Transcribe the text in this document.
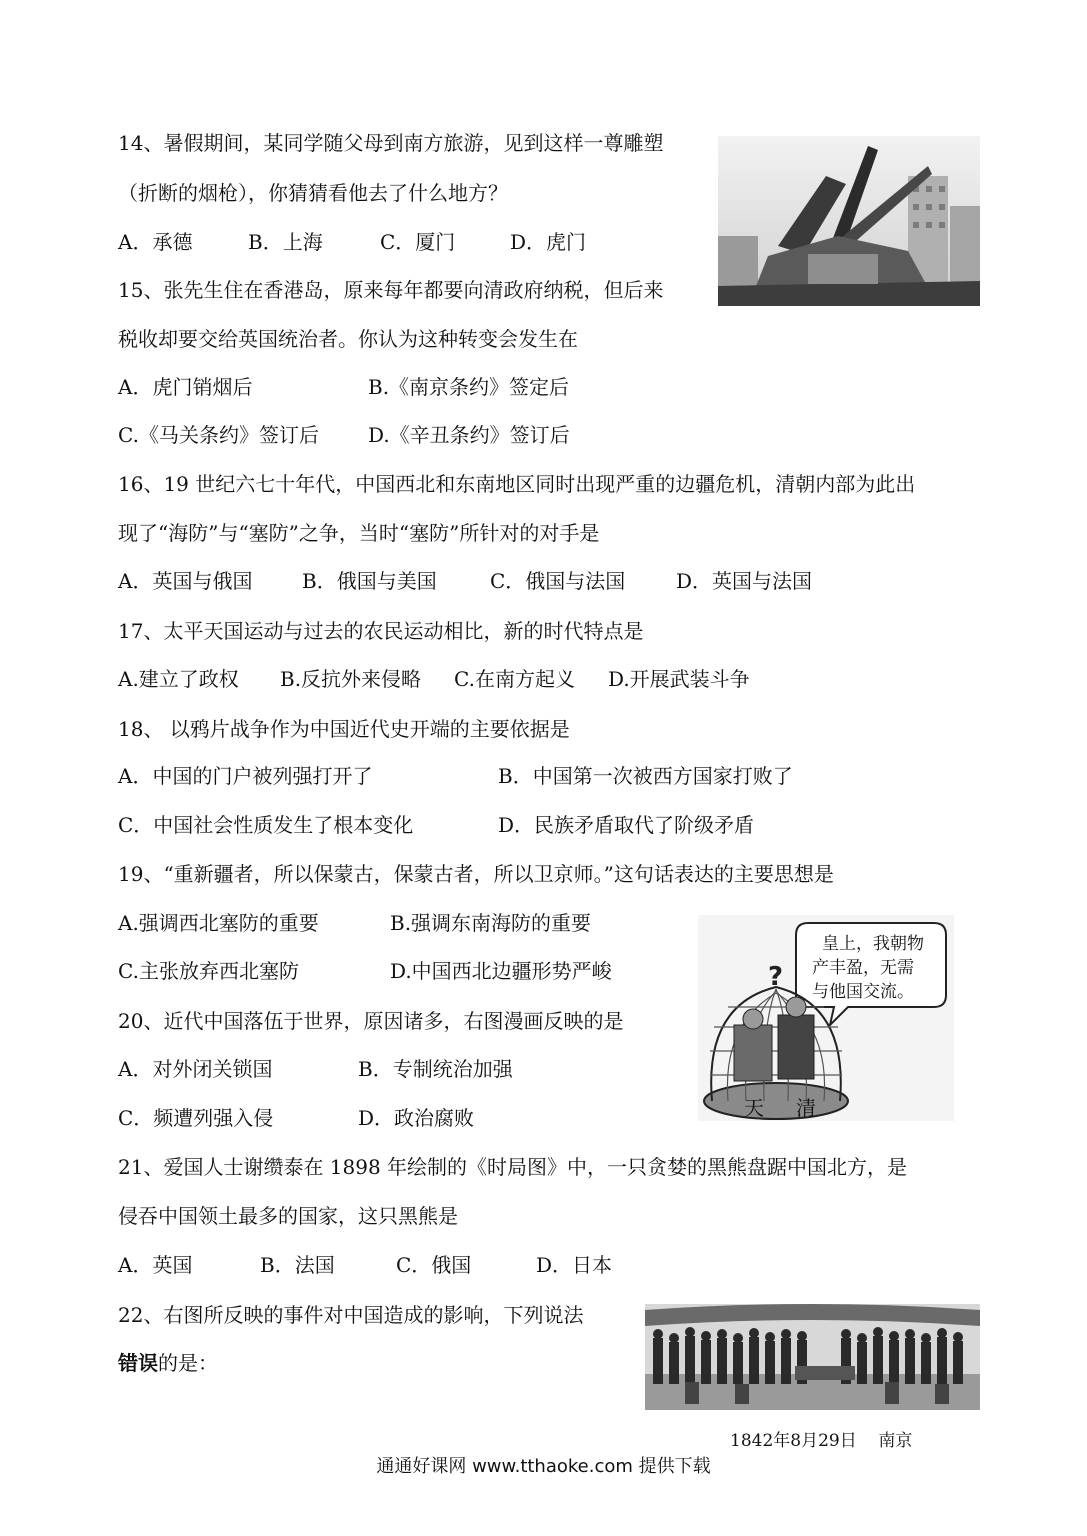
14、暑假期间，某同学随父母到南方旅游，见到这样一尊雕塑
（折断的烟枪），你猜猜看他去了什么地方？
A．承德	B．上海	C．厦门	D．虎门
15、张先生住在香港岛，原来每年都要向清政府纳税，但后来
税收却要交给英国统治者。你认为这种转变会发生在
A．虎门销烟后	B.《南京条约》签定后
C.《马关条约》签订后 D.《辛丑条约》签订后
16、19 世纪六七十年代，中国西北和东南地区同时出现严重的边疆危机，清朝内部为此出
现了“海防”与“塞防”之争，当时“塞防”所针对的对手是
A．英国与俄国 B．俄国与美国	C．俄国与法国	D．英国与法国
17、太平天国运动与过去的农民运动相比，新的时代特点是
A.建立了政权 B.反抗外来侵略 C.在南方起义 D.开展武装斗争
18、 以鸦片战争作为中国近代史开端的主要依据是
A．中国的门户被列强打开了	B．中国第一次被西方国家打败了
C．中国社会性质发生了根本变化	D．民族矛盾取代了阶级矛盾
19、“重新疆者，所以保蒙古，保蒙古者，所以卫京师。”这句话表达的主要思想是
A.强调西北塞防的重要	B.强调东南海防的重要
C.主张放弃西北塞防	D.中国西北边疆形势严峻
皇上，我朝物
产丰盈，无需
与他国交流。
?
天 清
20、近代中国落伍于世界，原因诸多，右图漫画反映的是
A．对外闭关锁国	B．专制统治加强
C．频遭列强入侵	D．政治腐败
21、爱国人士谢缵泰在 1898 年绘制的《时局图》中，一只贪婪的黑熊盘踞中国北方，是
侵吞中国领土最多的国家，这只黑熊是
A．英国	B．法国	C．俄国	D．日本
22、右图所反映的事件对中国造成的影响，下列说法
错误的是：
1842年8月29日    南京
通通好课网 www.tthaoke.com 提供下载
